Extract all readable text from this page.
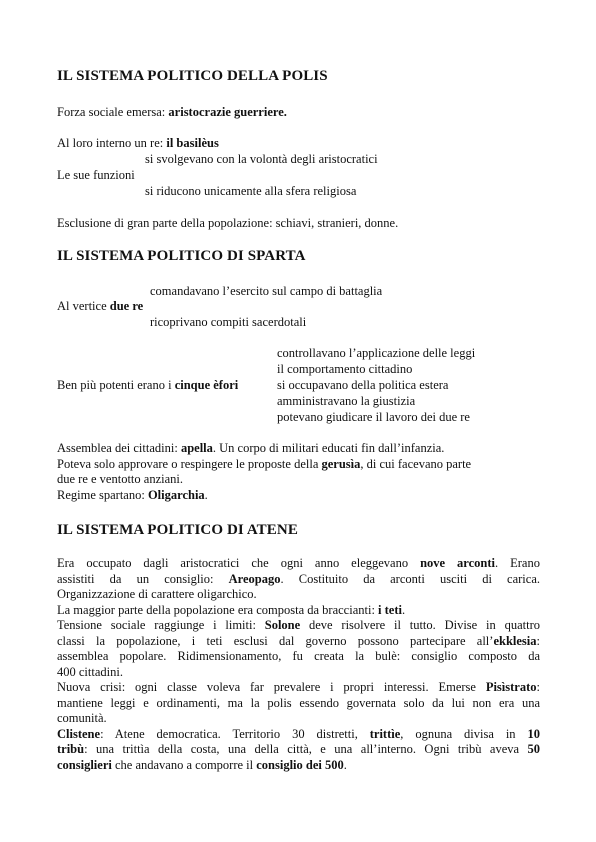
IL SISTEMA POLITICO DELLA POLIS
Forza sociale emersa: aristocrazie guerriere.
Al loro interno un re: il basilèus
si svolgevano con la volontà degli aristocratici
Le sue funzioni
si riducono unicamente alla sfera religiosa
Esclusione di gran parte della popolazione: schiavi, stranieri, donne.
IL SISTEMA POLITICO DI SPARTA
comandavano l’esercito sul campo di battaglia
Al vertice due re
ricoprivano compiti sacerdotali
controllavano l’applicazione delle leggi
il comportamento cittadino
Ben più potenti erano i cinque èfori	si occupavano della politica estera
amministravano la giustizia
potevano giudicare il lavoro dei due re
Assemblea dei cittadini: apella. Un corpo di militari educati fin dall’infanzia.
Poteva solo approvare o respingere le proposte della gerusìa, di cui facevano parte
due re e ventotto anziani.
Regime spartano: Oligarchia.
IL SISTEMA POLITICO DI ATENE
Era occupato dagli aristocratici che ogni anno eleggevano nove arconti. Erano
assistiti da un consiglio: Areopago. Costituito da arconti usciti di carica.
Organizzazione di carattere oligarchico.
La maggior parte della popolazione era composta da braccianti: i teti.
Tensione sociale raggiunge i limiti: Solone deve risolvere il tutto. Divise in quattro
classi la popolazione, i teti esclusi dal governo possono partecipare all’ekklesia:
assemblea popolare. Ridimensionamento, fu creata la bulè: consiglio composto da
400 cittadini.
Nuova crisi: ogni classe voleva far prevalere i propri interessi. Emerse Pisìstrato:
mantiene leggi e ordinamenti, ma la polis essendo governata solo da lui non era una
comunità.
Clistene: Atene democratica. Territorio 30 distretti, trittìe, ognuna divisa in 10
tribù: una trittìa della costa, una della città, e una all’interno. Ogni tribù aveva 50
consiglieri che andavano a comporre il consiglio dei 500.
